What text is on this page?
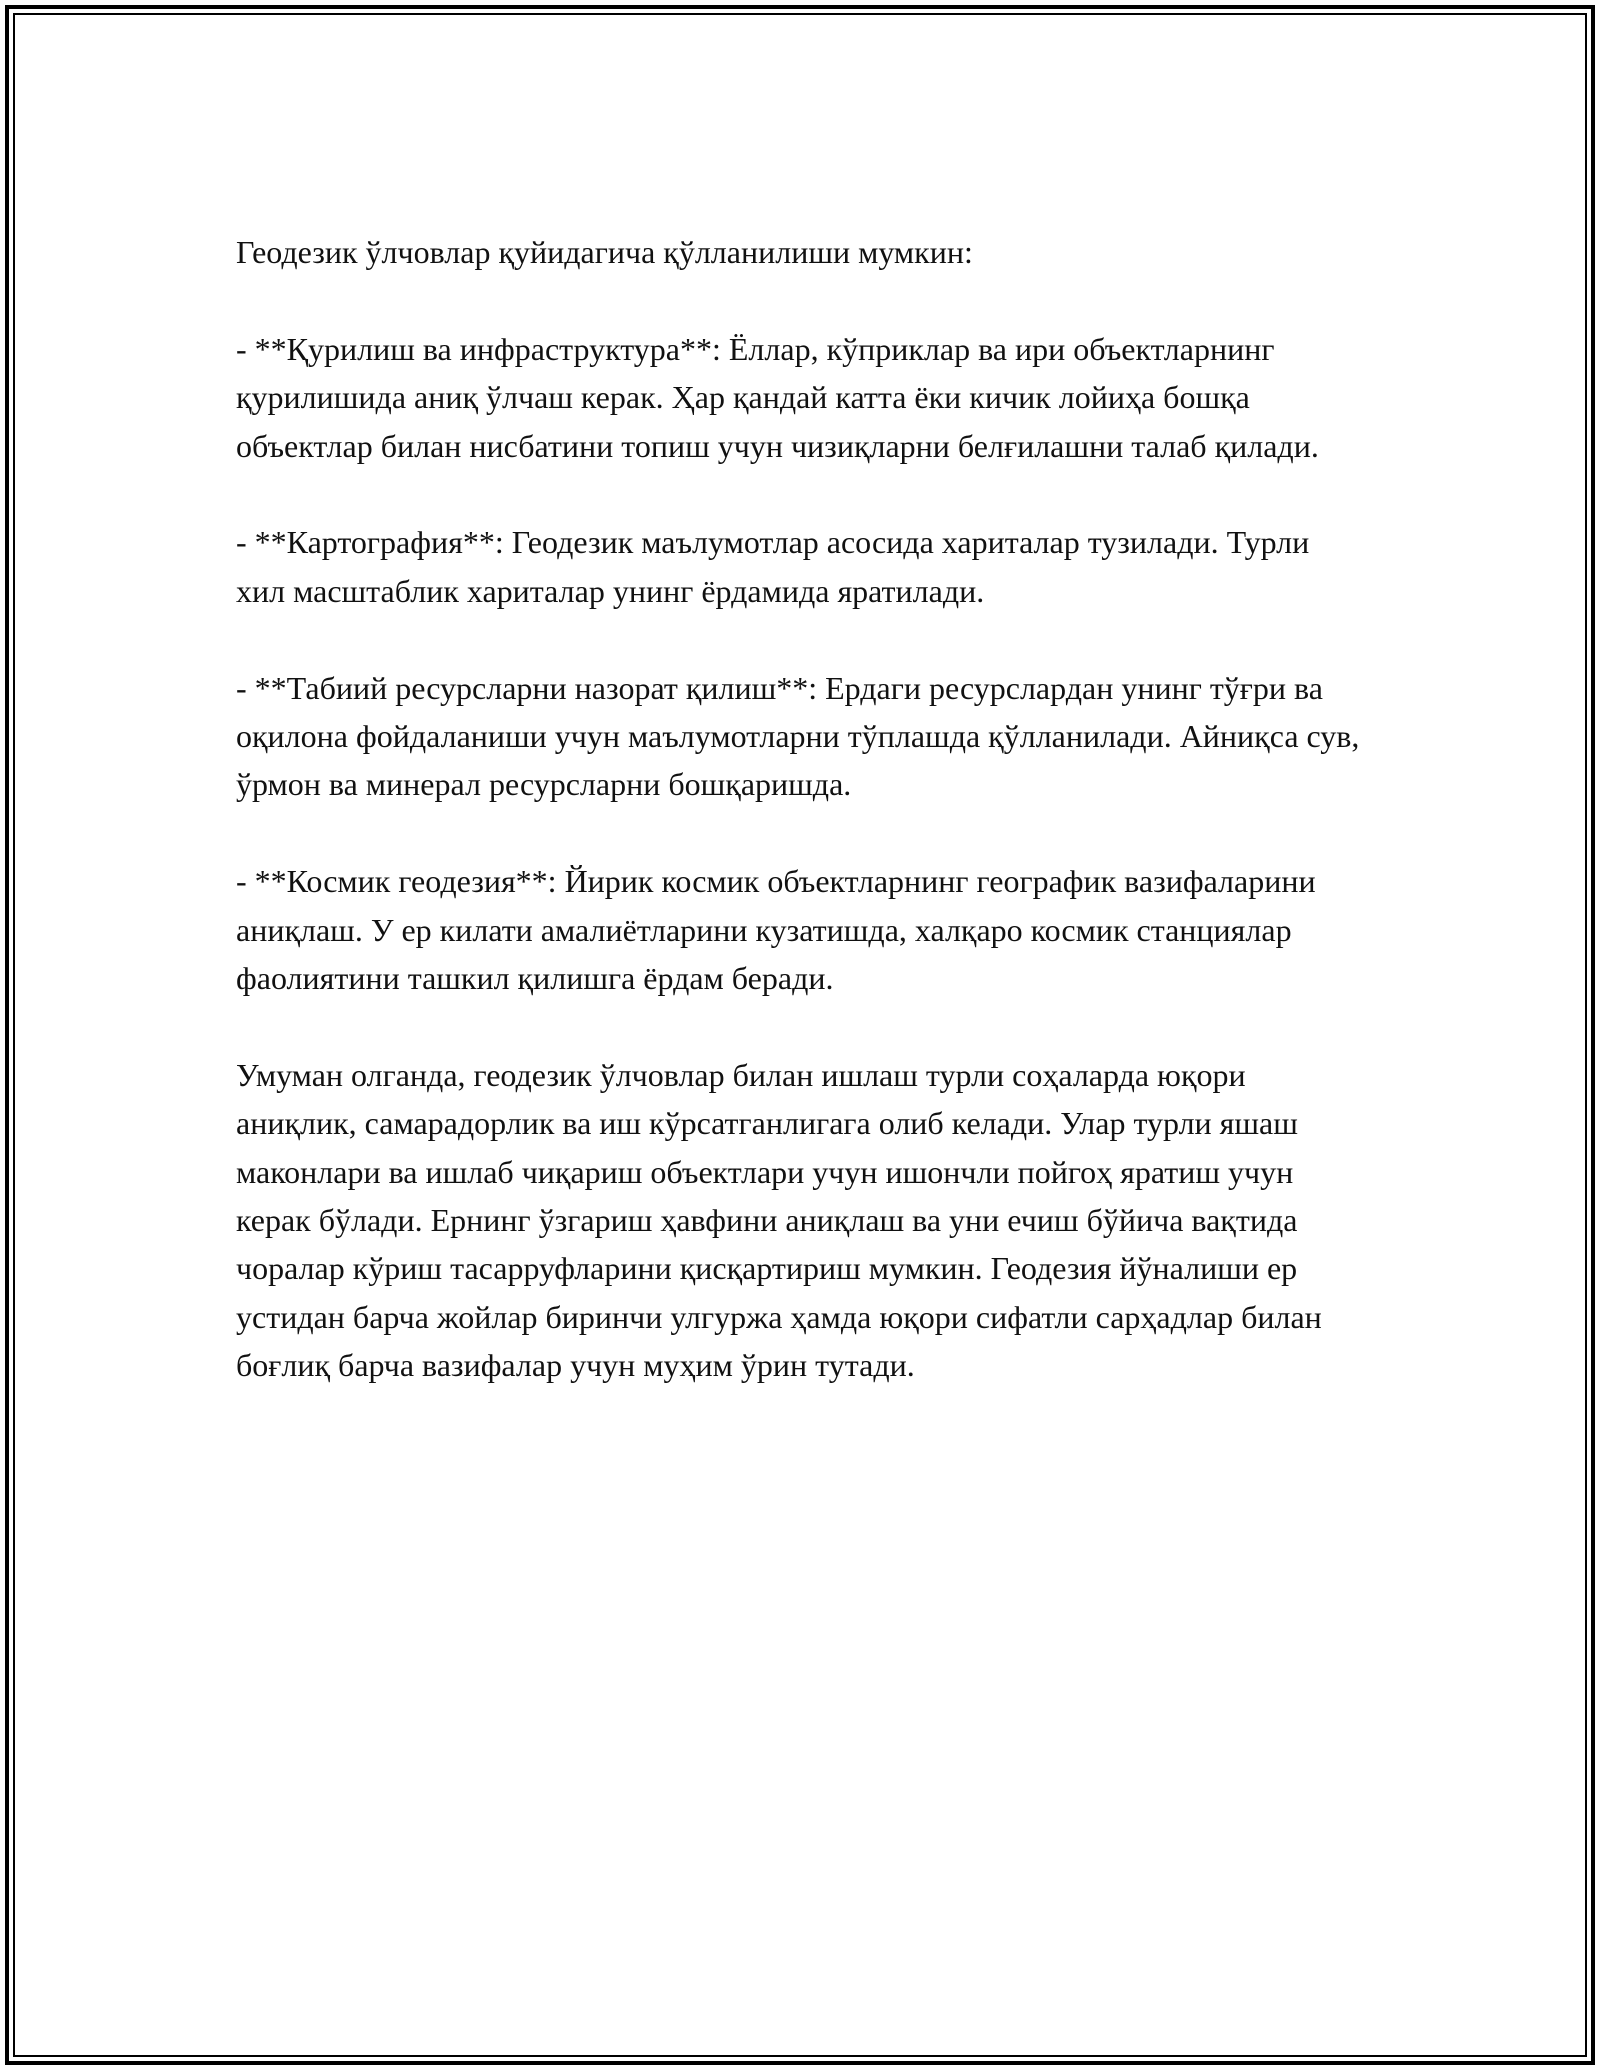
Геодезик ўлчовлар қуйидагича қўлланилиши мумкин:

- **Қурилиш ва инфраструктура**: Ёллар, кўприклар ва ири объектларнинг қурилишида аниқ ўлчаш керак. Ҳар қандай катта ёки кичик лойиҳа бошқа объектлар билан нисбатини топиш учун чизиқларни белғилашни талаб қилади.

- **Картография**: Геодезик маълумотлар асосида хариталар тузилади. Турли хил масштаблик хариталар унинг ёрдамида яратилади.

- **Табиий ресурсларни назорат қилиш**: Ердаги ресурслардан унинг тўғри ва оқилона фойдаланиши учун маълумотларни тўплашда қўлланилади. Айниқса сув, ўрмон ва минерал ресурсларни бошқаришда.

- **Космик геодезия**: Йирик космик объектларнинг географик вазифаларини аниқлаш. У ер килати амалиётларини кузатишда, халқаро космик станциялар фаолиятини ташкил қилишга ёрдам беради.

Умуман олганда, геодезик ўлчовлар билан ишлаш турли соҳаларда юқори аниқлик, самарадорлик ва иш кўрсатганлигага олиб келади. Улар турли яшаш маконлари ва ишлаб чиқариш объектлари учун ишончли пойгоҳ яратиш учун керак бўлади. Ернинг ўзгариш ҳавфини аниқлаш ва уни ечиш бўйича вақтида чоралар кўриш тасарруфларини қисқартириш мумкин. Геодезия йўналиши ер устидан барча жойлар биринчи улгуржа ҳамда юқори сифатли сарҳадлар билан боғлиқ барча вазифалар учун муҳим ўрин тутади.
